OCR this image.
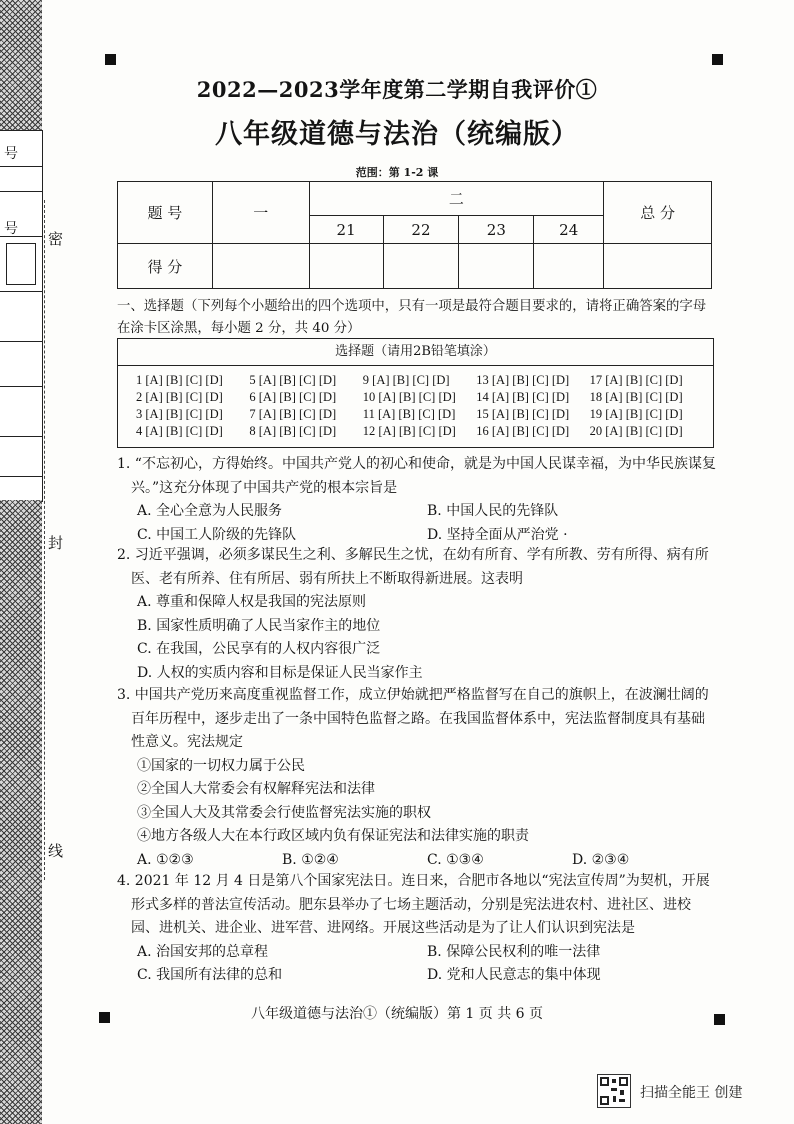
号
号
密
封
线
2022—2023学年度第二学期自我评价①
八年级道德与法治（统编版）
范围：第 1-2 课
题 号	一	二				总 分
		21	22	23	24	
得 分						
一、选择题（下列每个小题给出的四个选项中，只有一项是最符合题目要求的，请将正确答案的字母在涂卡区涂黑，每小题 2 分，共 40 分）
选择题（请用2B铅笔填涂）
1 [A] [B] [C] [D]	5 [A] [B] [C] [D]	9 [A] [B] [C] [D]	13 [A] [B] [C] [D]	17 [A] [B] [C] [D]
2 [A] [B] [C] [D]	6 [A] [B] [C] [D]	10 [A] [B] [C] [D]	14 [A] [B] [C] [D]	18 [A] [B] [C] [D]
3 [A] [B] [C] [D]	7 [A] [B] [C] [D]	11 [A] [B] [C] [D]	15 [A] [B] [C] [D]	19 [A] [B] [C] [D]
4 [A] [B] [C] [D]	8 [A] [B] [C] [D]	12 [A] [B] [C] [D]	16 [A] [B] [C] [D]	20 [A] [B] [C] [D]
1. “不忘初心，方得始终。中国共产党人的初心和使命，就是为中国人民谋幸福，为中华民族谋复兴。”这充分体现了中国共产党的根本宗旨是
A. 全心全意为人民服务	B. 中国人民的先锋队
C. 中国工人阶级的先锋队	D. 坚持全面从严治党 ·
2. 习近平强调，必须多谋民生之利、多解民生之忧，在幼有所育、学有所教、劳有所得、病有所医、老有所养、住有所居、弱有所扶上不断取得新进展。这表明
A. 尊重和保障人权是我国的宪法原则
B. 国家性质明确了人民当家作主的地位
C. 在我国，公民享有的人权内容很广泛
D. 人权的实质内容和目标是保证人民当家作主
3. 中国共产党历来高度重视监督工作，成立伊始就把严格监督写在自己的旗帜上，在波澜壮阔的百年历程中，逐步走出了一条中国特色监督之路。在我国监督体系中，宪法监督制度具有基础性意义。宪法规定
①国家的一切权力属于公民
②全国人大常委会有权解释宪法和法律
③全国人大及其常委会行使监督宪法实施的职权
④地方各级人大在本行政区域内负有保证宪法和法律实施的职责
A. ①②③	B. ①②④	C. ①③④	D. ②③④
4. 2021 年 12 月 4 日是第八个国家宪法日。连日来，合肥市各地以“宪法宣传周”为契机，开展形式多样的普法宣传活动。肥东县举办了七场主题活动，分别是宪法进农村、进社区、进校园、进机关、进企业、进军营、进网络。开展这些活动是为了让人们认识到宪法是
A. 治国安邦的总章程	B. 保障公民权利的唯一法律
C. 我国所有法律的总和	D. 党和人民意志的集中体现
八年级道德与法治①（统编版）第 1 页 共 6 页
扫描全能王 创建
